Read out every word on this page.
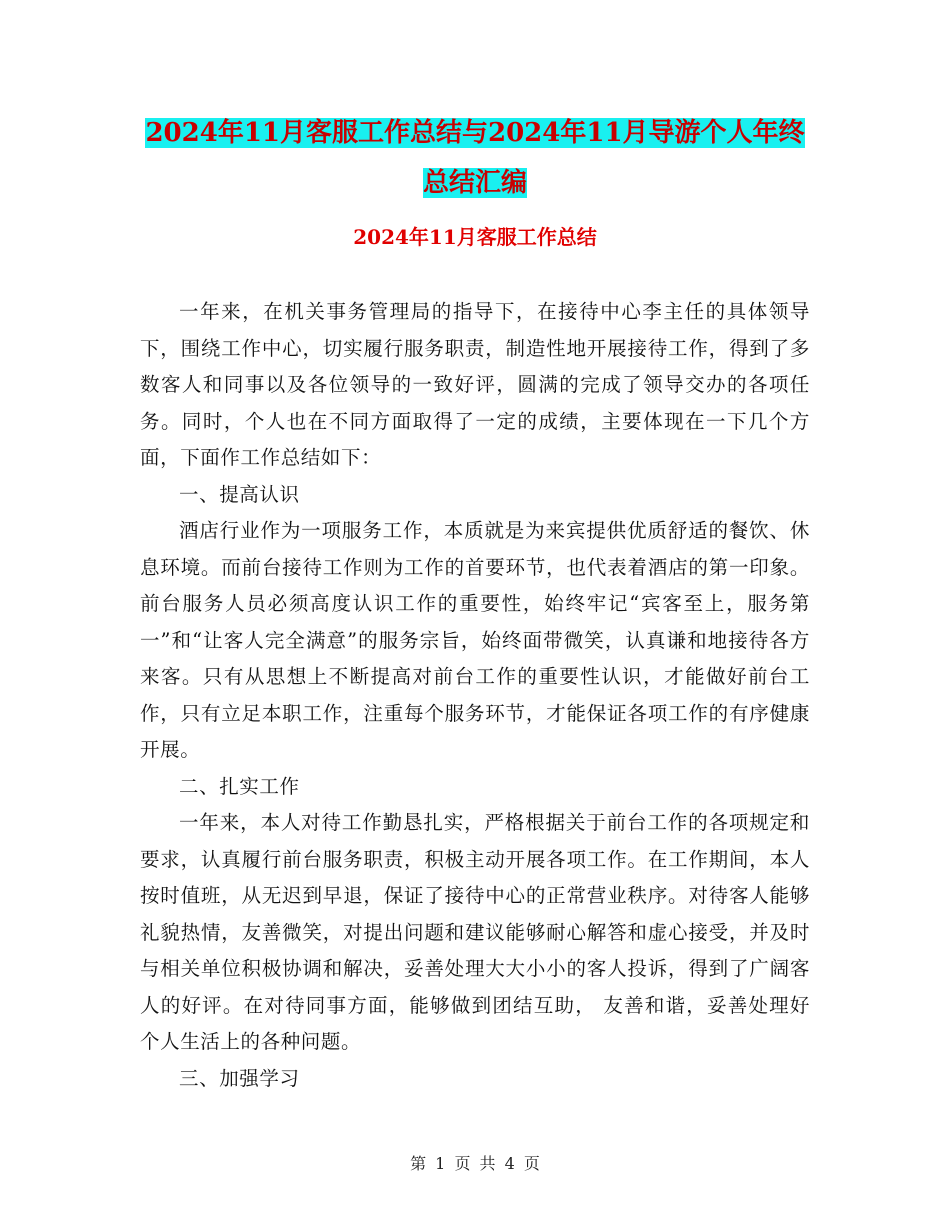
2024年11月客服工作总结与2024年11月导游个人年终总结汇编
2024年11月客服工作总结

一年来，在机关事务管理局的指导下，在接待中心李主任的具体领导下，围绕工作中心，切实履行服务职责，制造性地开展接待工作，得到了多数客人和同事以及各位领导的一致好评，圆满的完成了领导交办的各项任务。同时，个人也在不同方面取得了一定的成绩，主要体现在一下几个方面，下面作工作总结如下：

一、提高认识

酒店行业作为一项服务工作，本质就是为来宾提供优质舒适的餐饮、休息环境。而前台接待工作则为工作的首要环节，也代表着酒店的第一印象。前台服务人员必须高度认识工作的重要性，始终牢记“宾客至上，服务第一”和“让客人完全满意”的服务宗旨，始终面带微笑，认真谦和地接待各方来客。只有从思想上不断提高对前台工作的重要性认识，才能做好前台工作，只有立足本职工作，注重每个服务环节，才能保证各项工作的有序健康开展。

二、扎实工作

一年来，本人对待工作勤恳扎实，严格根据关于前台工作的各项规定和要求，认真履行前台服务职责，积极主动开展各项工作。在工作期间，本人按时值班，从无迟到早退，保证了接待中心的正常营业秩序。对待客人能够礼貌热情，友善微笑，对提出问题和建议能够耐心解答和虚心接受，并及时与相关单位积极协调和解决，妥善处理大大小小的客人投诉，得到了广阔客人的好评。在对待同事方面，能够做到团结互助， 友善和谐，妥善处理好个人生活上的各种问题。

三、加强学习

第 1 页 共 4 页
